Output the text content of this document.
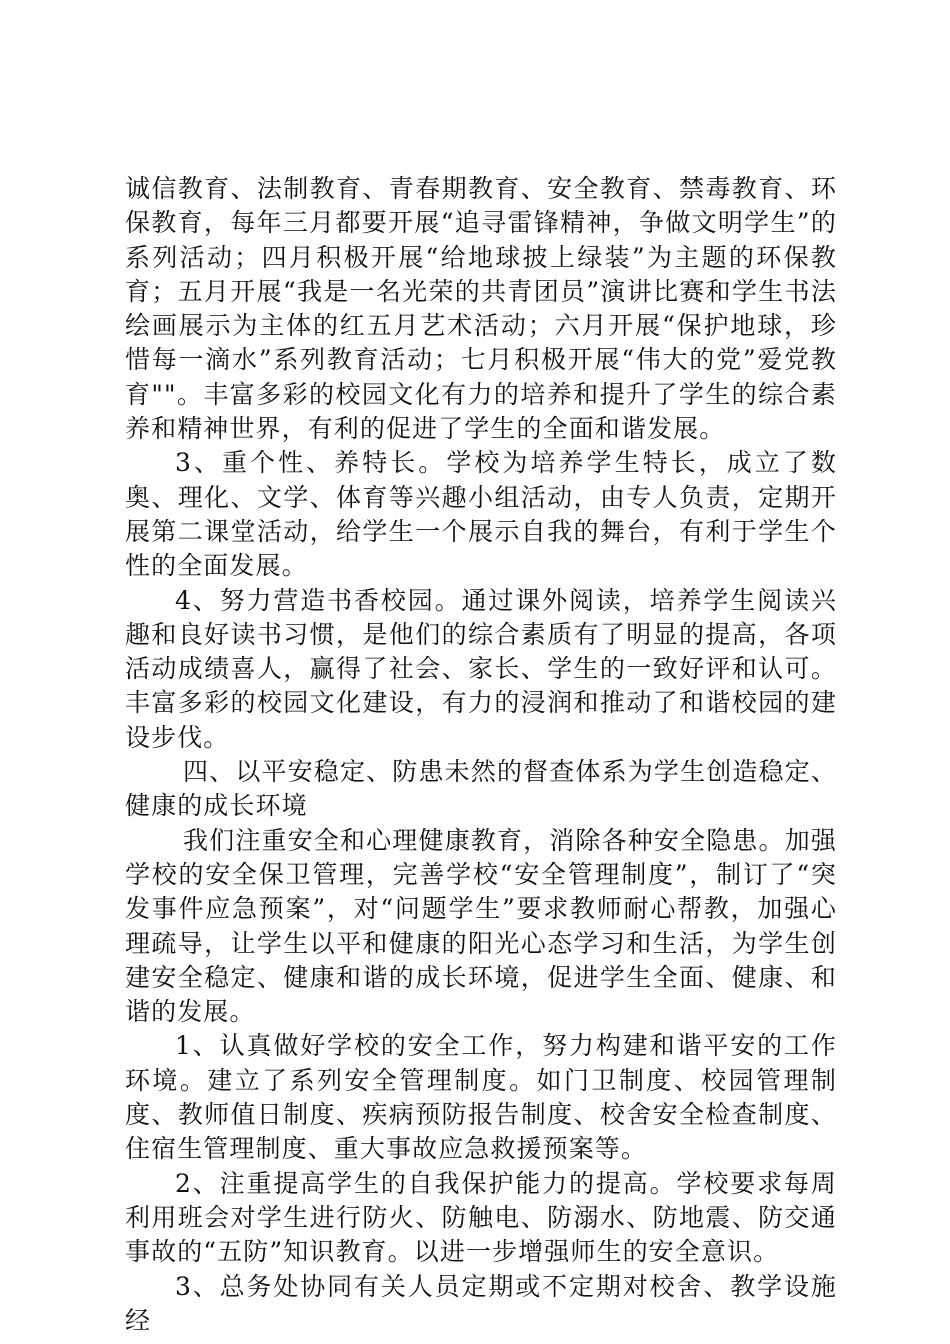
诚信教育、法制教育、青春期教育、安全教育、禁毒教育、环保教育，每年三月都要开展“追寻雷锋精神，争做文明学生”的系列活动；四月积极开展“给地球披上绿装”为主题的环保教育；五月开展“我是一名光荣的共青团员”演讲比赛和学生书法绘画展示为主体的红五月艺术活动；六月开展“保护地球，珍惜每一滴水”系列教育活动；七月积极开展“伟大的党”爱党教育""。丰富多彩的校园文化有力的培养和提升了学生的综合素养和精神世界，有利的促进了学生的全面和谐发展。

3、重个性、养特长。学校为培养学生特长，成立了数奥、理化、文学、体育等兴趣小组活动，由专人负责，定期开展第二课堂活动，给学生一个展示自我的舞台，有利于学生个性的全面发展。

4、努力营造书香校园。通过课外阅读，培养学生阅读兴趣和良好读书习惯，是他们的综合素质有了明显的提高，各项活动成绩喜人，赢得了社会、家长、学生的一致好评和认可。丰富多彩的校园文化建设，有力的浸润和推动了和谐校园的建设步伐。

四、以平安稳定、防患未然的督查体系为学生创造稳定、健康的成长环境

我们注重安全和心理健康教育，消除各种安全隐患。加强学校的安全保卫管理，完善学校“安全管理制度”，制订了“突发事件应急预案”，对“问题学生”要求教师耐心帮教，加强心理疏导，让学生以平和健康的阳光心态学习和生活，为学生创建安全稳定、健康和谐的成长环境，促进学生全面、健康、和谐的发展。

1、认真做好学校的安全工作，努力构建和谐平安的工作环境。建立了系列安全管理制度。如门卫制度、校园管理制度、教师值日制度、疾病预防报告制度、校舍安全检查制度、住宿生管理制度、重大事故应急救援预案等。

2、注重提高学生的自我保护能力的提高。学校要求每周利用班会对学生进行防火、防触电、防溺水、防地震、防交通事故的“五防”知识教育。以进一步增强师生的安全意识。

3、总务处协同有关人员定期或不定期对校舍、教学设施经
